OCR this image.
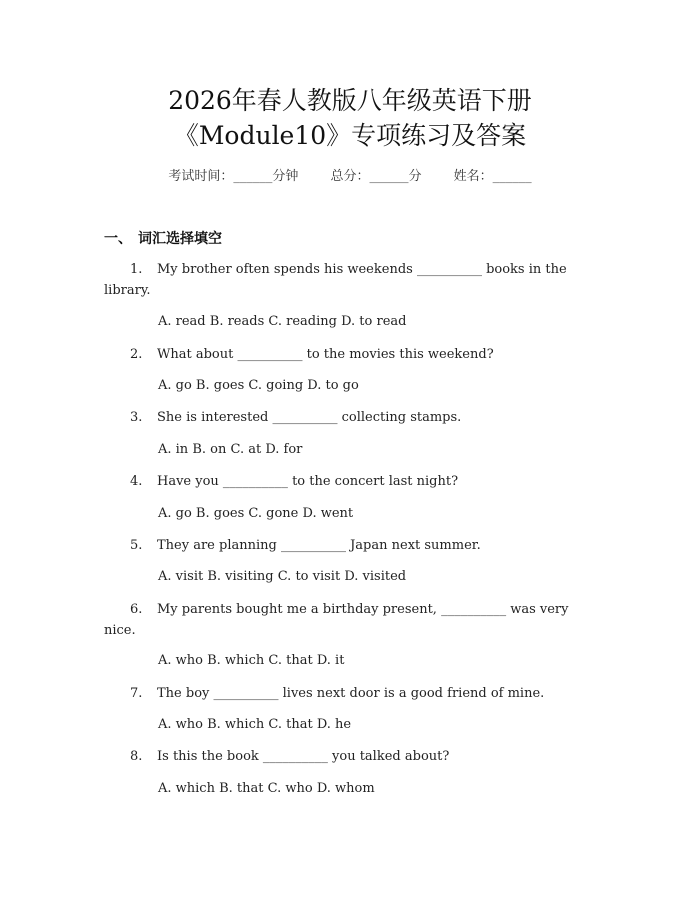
2026年春人教版八年级英语下册
《Module10》专项练习及答案
考试时间：______分钟 总分：______分 姓名：______
一、 词汇选择填空
1. My brother often spends his weekends __________ books in the library.
A. read B. reads C. reading D. to read
2. What about __________ to the movies this weekend?
A. go B. goes C. going D. to go
3. She is interested __________ collecting stamps.
A. in B. on C. at D. for
4. Have you __________ to the concert last night?
A. go B. goes C. gone D. went
5. They are planning __________ Japan next summer.
A. visit B. visiting C. to visit D. visited
6. My parents bought me a birthday present, __________ was very nice.
A. who B. which C. that D. it
7. The boy __________ lives next door is a good friend of mine.
A. who B. which C. that D. he
8. Is this the book __________ you talked about?
A. which B. that C. who D. whom
